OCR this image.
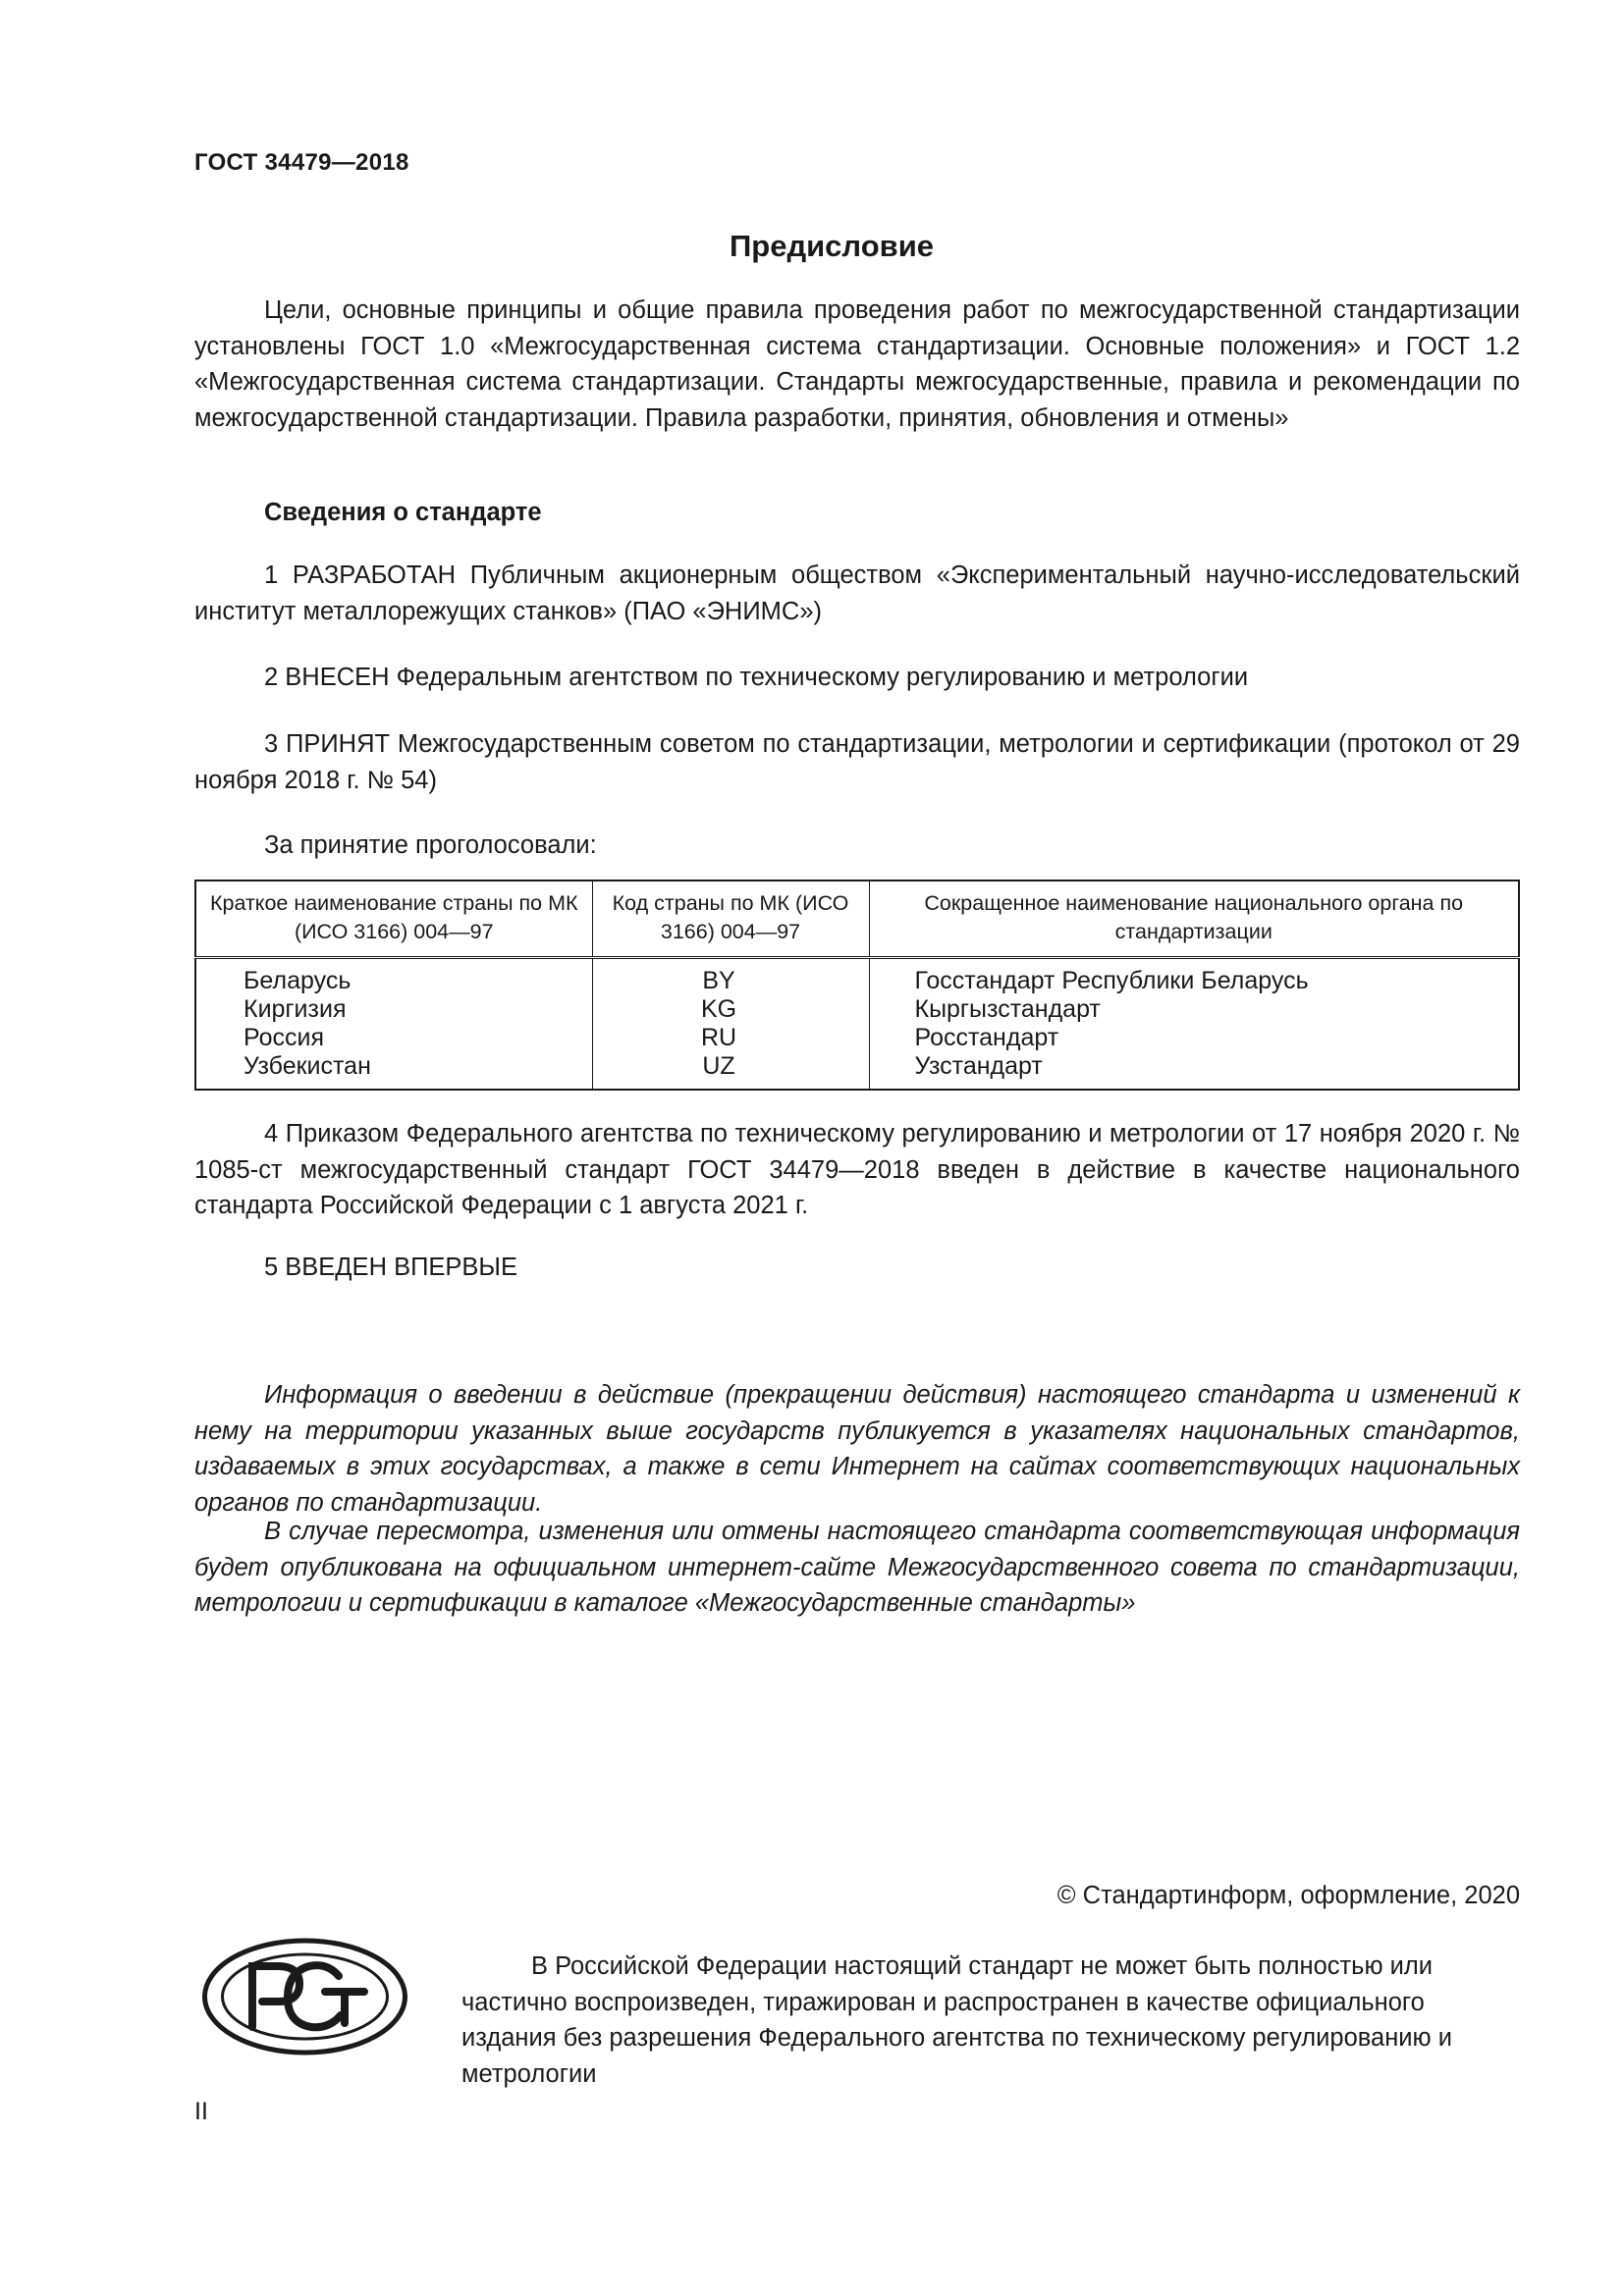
ГОСТ 34479—2018
Предисловие
Цели, основные принципы и общие правила проведения работ по межгосударственной стандартизации установлены ГОСТ 1.0 «Межгосударственная система стандартизации. Основные положения» и ГОСТ 1.2 «Межгосударственная система стандартизации. Стандарты межгосударственные, правила и рекомендации по межгосударственной стандартизации. Правила разработки, принятия, обновления и отмены»
Сведения о стандарте
1 РАЗРАБОТАН Публичным акционерным обществом «Экспериментальный научно-исследовательский институт металлорежущих станков» (ПАО «ЭНИМС»)
2 ВНЕСЕН Федеральным агентством по техническому регулированию и метрологии
3 ПРИНЯТ Межгосударственным советом по стандартизации, метрологии и сертификации (протокол от 29 ноября 2018 г. № 54)
За принятие проголосовали:
Краткое наименование страны по МК (ИСО 3166) 004—97	Код страны по МК (ИСО 3166) 004—97	Сокращенное наименование национального органа по стандартизации
Беларусь	BY	Госстандарт Республики Беларусь
Киргизия	KG	Кыргызстандарт
Россия	RU	Росстандарт
Узбекистан	UZ	Узстандарт
4 Приказом Федерального агентства по техническому регулированию и метрологии от 17 ноября 2020 г. № 1085-ст межгосударственный стандарт ГОСТ 34479—2018 введен в действие в качестве национального стандарта Российской Федерации с 1 августа 2021 г.
5 ВВЕДЕН ВПЕРВЫЕ
Информация о введении в действие (прекращении действия) настоящего стандарта и изменений к нему на территории указанных выше государств публикуется в указателях национальных стандартов, издаваемых в этих государствах, а также в сети Интернет на сайтах соответствующих национальных органов по стандартизации.
В случае пересмотра, изменения или отмены настоящего стандарта соответствующая информация будет опубликована на официальном интернет-сайте Межгосударственного совета по стандартизации, метрологии и сертификации в каталоге «Межгосударственные стандарты»
© Стандартинформ, оформление, 2020
В Российской Федерации настоящий стандарт не может быть полностью или частично воспроизведен, тиражирован и распространен в качестве официального издания без разрешения Федерального агентства по техническому регулированию и метрологии
II
